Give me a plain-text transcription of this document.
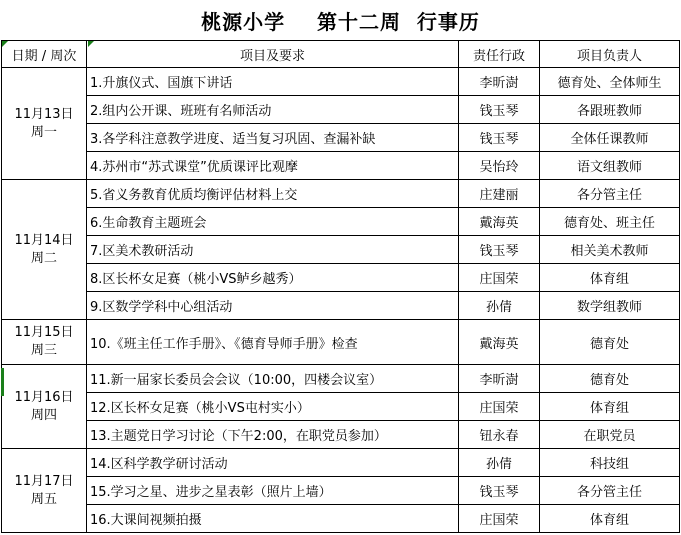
桃源小学    第十二周  行事历
日期 / 周次	项目及要求	责任行政	项目负责人

11月13日
周一	1.升旗仪式、国旗下讲话	李昕澍	德育处、全体师生
	2.组内公开课、班班有名师活动	钱玉琴	各跟班教师
	3.各学科注意教学进度、适当复习巩固、查漏补缺	钱玉琴	全体任课教师
	4.苏州市“苏式课堂”优质课评比观摩	吴怡玲	语文组教师

11月14日
周二	5.省义务教育优质均衡评估材料上交	庄建丽	各分管主任
	6.生命教育主题班会	戴海英	德育处、班主任
	7.区美术教研活动	钱玉琴	相关美术教师
	8.区长杯女足赛（桃小VS鲈乡越秀）	庄国荣	体育组
	9.区数学学科中心组活动	孙倩	数学组教师

11月15日
周三	10.《班主任工作手册》、《德育导师手册》检查	戴海英	德育处

11月16日
周四	11.新一届家长委员会会议（10:00，四楼会议室）	李昕澍	德育处
	12.区长杯女足赛（桃小VS屯村实小）	庄国荣	体育组
	13.主题党日学习讨论（下午2:00，在职党员参加）	钮永春	在职党员

11月17日
周五	14.区科学教学研讨活动	孙倩	科技组
	15.学习之星、进步之星表彰（照片上墙）	钱玉琴	各分管主任
	16.大课间视频拍摄	庄国荣	体育组
